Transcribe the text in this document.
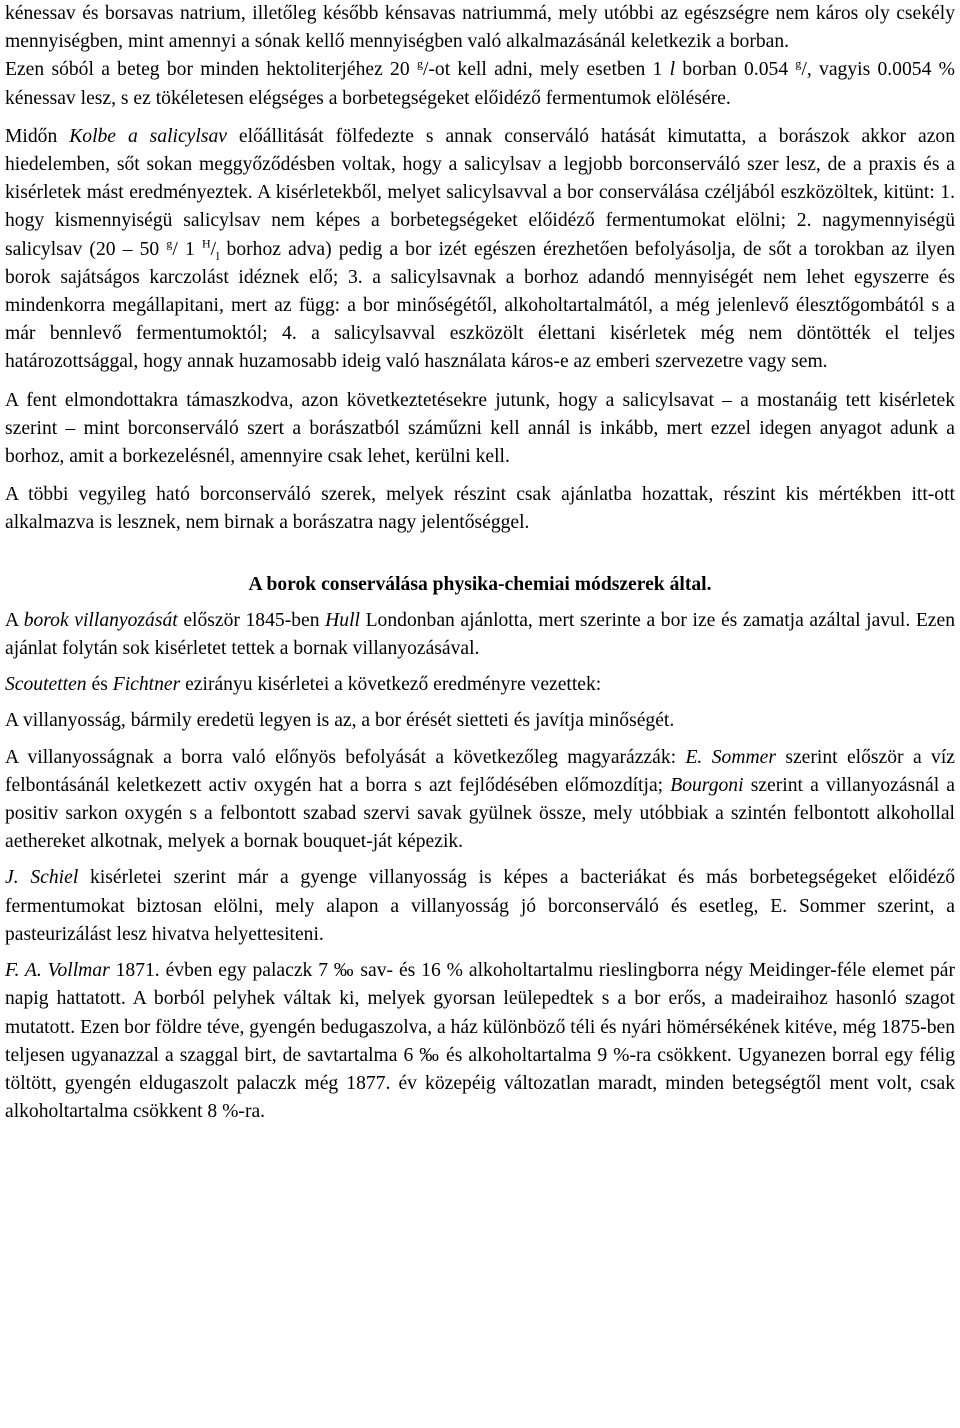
kénessav és borsavas natrium, illetőleg később kénsavas natriummá, mely utóbbi az egészségre nem káros oly csekély mennyiségben, mint amennyi a sónak kellő mennyiségben való alkalmazásánál keletkezik a borban.

Ezen sóból a beteg bor minden hektoliterjéhez 20 $^g$/-ot kell adni, mely esetben 1 l borban 0.054 $^g$/, vagyis 0.0054 % kénessav lesz, s ez tökéletesen elégséges a borbetegségeket előidéző fermentumok elölésére.

Midőn Kolbe a salicylsav előállitását fölfedezte s annak conserváló hatását kimutatta, a borászok akkor azon hiedelemben, sőt sokan meggyőződésben voltak, hogy a salicylsav a legjobb borconserváló szer lesz, de a praxis és a kisérletek mást eredményeztek. A kisérletekből, melyet salicylsavval a bor conserválása czéljából eszközöltek, kitünt: 1. hogy kismennyiségü salicylsav nem képes a borbetegségeket előidéző fermentumokat elölni; 2. nagymennyiségü salicylsav (20 – 50 $^g$/ 1 $^H/_l$ borhoz adva) pedig a bor izét egészen érezhetően befolyásolja, de sőt a torokban az ilyen borok sajátságos karczolást idéznek elő; 3. a salicylsavnak a borhoz adandó mennyiségét nem lehet egyszerre és mindenkorra megállapitani, mert az függ: a bor minőségétől, alkoholtartalmától, a még jelenlevő élesztőgombától s a már bennlevő fermentumoktól; 4. a salicylsavval eszközölt élettani kisérletek még nem döntötték el teljes határozottsággal, hogy annak huzamosabb ideig való használata káros-e az emberi szervezetre vagy sem.

A fent elmondottakra támaszkodva, azon következtetésekre jutunk, hogy a salicylsavat – a mostanáig tett kisérletek szerint – mint borconserváló szert a borászatból száműzni kell annál is inkább, mert ezzel idegen anyagot adunk a borhoz, amit a borkezelésnél, amennyire csak lehet, kerülni kell.

A többi vegyileg ható borconserváló szerek, melyek részint csak ajánlatba hozattak, részint kis mértékben itt-ott alkalmazva is lesznek, nem birnak a borászatra nagy jelentőséggel.

A borok conserválása physika-chemiai módszerek által.

A borok villanyozását először 1845-ben Hull Londonban ajánlotta, mert szerinte a bor ize és zamatja azáltal javul. Ezen ajánlat folytán sok kisérletet tettek a bornak villanyozásával.

Scoutetten és Fichtner ezirányu kisérletei a következő eredményre vezettek:

A villanyosság, bármily eredetü legyen is az, a bor érését sietteti és javítja minőségét.

A villanyosságnak a borra való előnyös befolyását a következőleg magyarázzák: E. Sommer szerint először a víz felbontásánál keletkezett activ oxygén hat a borra s azt fejlődésében előmozdítja; Bourgoni szerint a villanyozásnál a positiv sarkon oxygén s a felbontott szabad szervi savak gyülnek össze, mely utóbbiak a szintén felbontott alkohollal aethereket alkotnak, melyek a bornak bouquet-ját képezik.

J. Schiel kisérletei szerint már a gyenge villanyosság is képes a bacteriákat és más borbetegségeket előidéző fermentumokat biztosan elölni, mely alapon a villanyosság jó borconserváló és esetleg, E. Sommer szerint, a pasteurizálást lesz hivatva helyettesiteni.

F. A. Vollmar 1871. évben egy palaczk 7 ‰ sav- és 16 % alkoholtartalmu rieslingborra négy Meidinger-féle elemet pár napig hattatott. A borból pelyhek váltak ki, melyek gyorsan leülepedtek s a bor erős, a madeiraihoz hasonló szagot mutatott. Ezen bor földre téve, gyengén bedugaszolva, a ház különböző téli és nyári hömérsékének kitéve, még 1875-ben teljesen ugyanazzal a szaggal birt, de savtartalma 6 ‰ és alkoholtartalma 9 %-ra csökkent. Ugyanezen borral egy félig töltött, gyengén eldugaszolt palaczk még 1877. év közepéig változatlan maradt, minden betegségtől ment volt, csak alkoholtartalma csökkent 8 %-ra.
